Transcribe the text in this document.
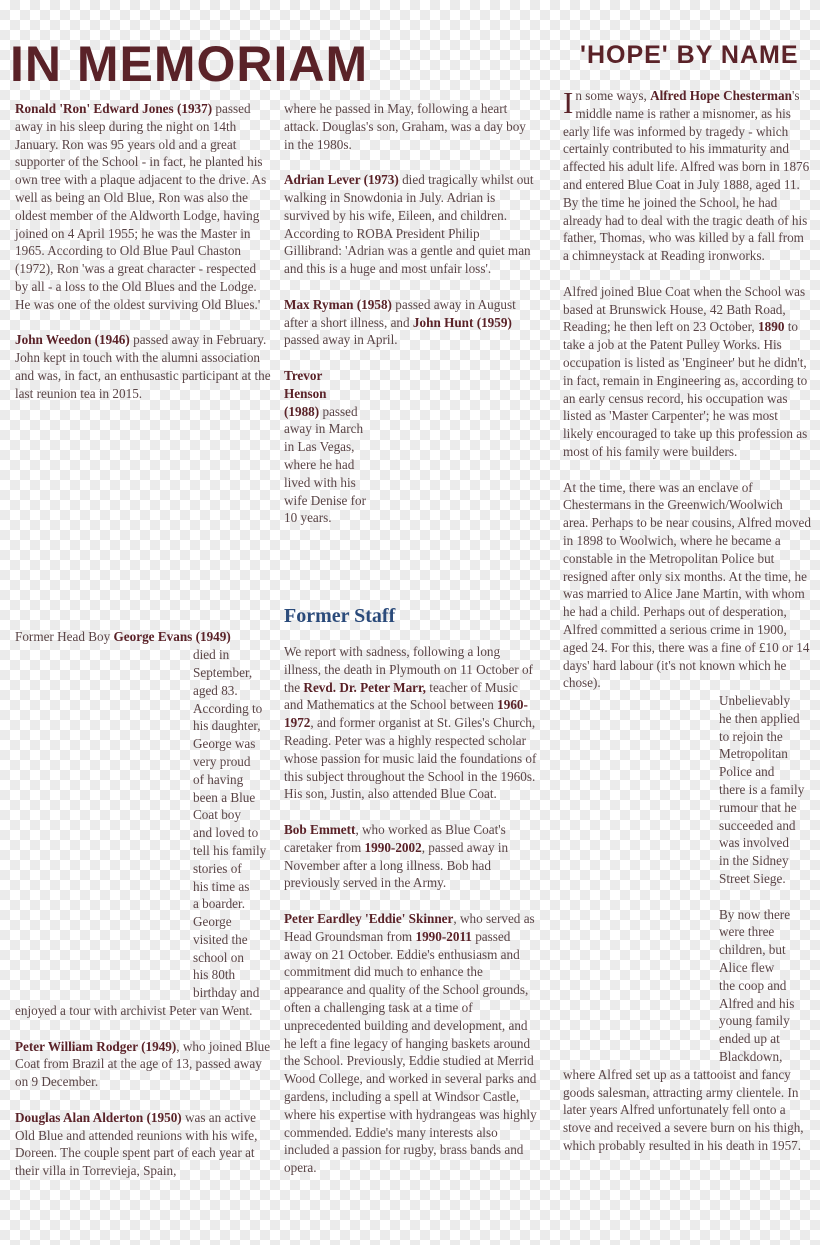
IN MEMORIAM	'HOPE' BY NAME

Ronald 'Ron' Edward Jones (1937) passed away in his sleep during the night on 14th January. Ron was 95 years old and a great supporter of the School - in fact, he planted his own tree with a plaque adjacent to the drive. As well as being an Old Blue, Ron was also the oldest member of the Aldworth Lodge, having joined on 4 April 1955; he was the Master in 1965. According to Old Blue Paul Chaston (1972), Ron 'was a great character - respected by all - a loss to the Old Blues and the Lodge. He was one of the oldest surviving Old Blues.'

John Weedon (1946) passed away in February. John kept in touch with the alumni association and was, in fact, an enthusastic participant at the last reunion tea in 2015.

Former Head Boy George Evans (1949)
died in
September,
aged 83.
According to
his daughter,
George was
very proud
of having
been a Blue
Coat boy
and loved to
tell his family
stories of
his time as
a boarder.
George
visited the
school on
his 80th
birthday and

enjoyed a tour with archivist Peter van Went.

Peter William Rodger (1949), who joined Blue Coat from Brazil at the age of 13, passed away on 9 December.

Douglas Alan Alderton (1950) was an active Old Blue and attended reunions with his wife, Doreen. The couple spent part of each year at their villa in Torrevieja, Spain,

where he passed in May, following a heart attack. Douglas's son, Graham, was a day boy in the 1980s.

Adrian Lever (1973) died tragically whilst out walking in Snowdonia in July. Adrian is survived by his wife, Eileen, and children. According to ROBA President Philip Gillibrand: 'Adrian was a gentle and quiet man and this is a huge and most unfair loss'.

Max Ryman (1958) passed away in August after a short illness, and John Hunt (1959) passed away in April.

Trevor
Henson
(1988) passed away in March in Las Vegas, where he had lived with his wife Denise for 10 years.

Former Staff

We report with sadness, following a long illness, the death in Plymouth on 11 October of the Revd. Dr. Peter Marr, teacher of Music and Mathematics at the School between 1960-1972, and former organist at St. Giles's Church, Reading. Peter was a highly respected scholar whose passion for music laid the foundations of this subject throughout the School in the 1960s. His son, Justin, also attended Blue Coat.

Bob Emmett, who worked as Blue Coat's caretaker from 1990-2002, passed away in November after a long illness. Bob had previously served in the Army.

Peter Eardley 'Eddie' Skinner, who served as Head Groundsman from 1990-2011 passed away on 21 October. Eddie's enthusiasm and commitment did much to enhance the appearance and quality of the School grounds, often a challenging task at a time of unprecedented building and development, and he left a fine legacy of hanging baskets around the School. Previously, Eddie studied at Merrid Wood College, and worked in several parks and gardens, including a spell at Windsor Castle, where his expertise with hydrangeas was highly commended. Eddie's many interests also included a passion for rugby, brass bands and opera.

In some ways, Alfred Hope Chesterman's middle name is rather a misnomer, as his early life was informed by tragedy - which certainly contributed to his immaturity and affected his adult life. Alfred was born in 1876 and entered Blue Coat in July 1888, aged 11. By the time he joined the School, he had already had to deal with the tragic death of his father, Thomas, who was killed by a fall from a chimneystack at Reading ironworks.

Alfred joined Blue Coat when the School was based at Brunswick House, 42 Bath Road, Reading; he then left on 23 October, 1890 to take a job at the Patent Pulley Works. His occupation is listed as 'Engineer' but he didn't, in fact, remain in Engineering as, according to an early census record, his occupation was listed as 'Master Carpenter'; he was most likely encouraged to take up this profession as most of his family were builders.

At the time, there was an enclave of Chestermans in the Greenwich/Woolwich area. Perhaps to be near cousins, Alfred moved in 1898 to Woolwich, where he became a constable in the Metropolitan Police but resigned after only six months. At the time, he was married to Alice Jane Martin, with whom he had a child. Perhaps out of desperation, Alfred committed a serious crime in 1900, aged 24. For this, there was a fine of £10 or 14 days' hard labour (it's not known which he chose).

Unbelievably
he then applied
to rejoin the
Metropolitan
Police and
there is a family
rumour that he
succeeded and
was involved
in the Sidney
Street Siege.
By now there
were three
children, but
Alice flew
the coop and
Alfred and his
young family
ended up at
Blackdown,

where Alfred set up as a tattooist and fancy goods salesman, attracting army clientele. In later years Alfred unfortunately fell onto a stove and received a severe burn on his thigh, which probably resulted in his death in 1957.
